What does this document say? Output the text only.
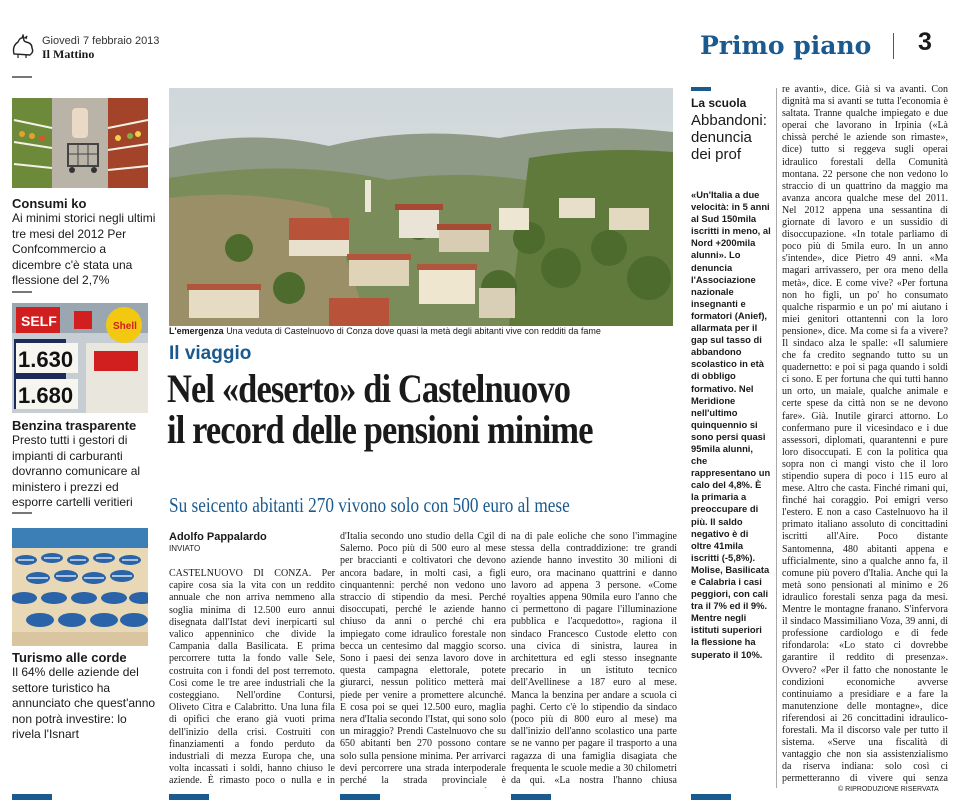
Giovedì 7 febbraio 2013
Il Mattino	Primo piano 3
Consumi ko
Ai minimi storici negli ultimi tre mesi del 2012 Per Confcommercio a dicembre c'è stata una flessione del 2,7%
SELF	Shell
1.630
1.680
Benzina trasparente
Presto tutti i gestori di impianti di carburanti dovranno comunicare al ministero i prezzi ed esporre cartelli veritieri
Turismo alle corde
Il 64% delle aziende del settore turistico ha annunciato che quest'anno non potrà investire: lo rivela l'Isnart
L'emergenza Una veduta di Castelnuovo di Conza dove quasi la metà degli abitanti vive con redditi da fame
Il viaggio
Nel «deserto» di Castelnuovo
il record delle pensioni minime
Su seicento abitanti 270 vivono solo con 500 euro al mese
Adolfo Pappalardo
INVIATO
CASTELNUOVO DI CONZA. Per capire cosa sia la vita con un reddito annuale che non arriva nemmeno alla soglia minima di 12.500 euro annui disegnata dall'Istat devi inerpicarti sul valico appenninico che divide la Campania dalla Basilicata. E prima percorrere tutta la fondo valle Sele, costruita con i fondi del post terremoto. Così come le tre aree industriali che la costeggiano. Nell'ordine Contursi, Oliveto Citra e Calabritto. Una luna fila di opifici che erano già vuoti prima dell'inizio della crisi. Costruiti con finanziamenti a fondo perduto da industriali di mezza Europa che, una volta incassati i soldi, hanno chiuso le aziende. È rimasto poco o nulla e in
d'Italia secondo uno studio della Cgil di Salerno. Poco più di 500 euro al mese per braccianti e coltivatori che devono ancora badare, in molti casi, a figli cinquantenni: perché non vedono uno straccio di stipendio da mesi. Perché disoccupati, perché le aziende hanno chiuso da anni o perché chi era impiegato come idraulico forestale non becca un centesimo dal maggio scorso. Sono i paesi dei senza lavoro dove in questa campagna elettorale, potete giurarci, nessun politico metterà mai piede per venire a promettere alcunché. E cosa poi se quei 12.500 euro, maglia nera d'Italia secondo l'Istat, qui sono solo un miraggio? Prendi Castelnuovo che su 650 abitanti ben 270 possono contare solo sulla pensione minima. Per arrivarci devi percorrere una strada interpoderale perché la strada provinciale è
na di pale eoliche che sono l'immagine stessa della contraddizione: tre grandi aziende hanno investito 30 milioni di euro, ora macinano quattrini e danno lavoro ad appena 3 persone. «Come royalties appena 90mila euro l'anno che ci permettono di pagare l'illuminazione pubblica e l'acquedotto», ragiona il sindaco Francesco Custode eletto con una civica di sinistra, laurea in architettura ed egli stesso insegnante precario in un istituto tecnico dell'Avellinese a 187 euro al mese. Manca la benzina per andare a scuola ci paghi. Certo c'è lo stipendio da sindaco (poco più di 800 euro al mese) ma dall'inizio dell'anno scolastico una parte se ne vanno per pagare il trasporto a una ragazza di una famiglia disagiata che frequenta le scuole medie a 30 chilometri da qui. «La nostra l'hanno chiusa
La scuola
Abbandoni: denuncia dei prof
«Un'Italia a due velocità: in 5 anni al Sud 150mila iscritti in meno, al Nord +200mila alunni». Lo denuncia l'Associazione nazionale insegnanti e formatori (Anief), allarmata per il gap sul tasso di abbandono scolastico in età di obbligo formativo. Nel Meridione nell'ultimo quinquennio si sono persi quasi 95mila alunni, che rappresentano un calo del 4,8%. È la primaria a preoccupare di più. Il saldo negativo è di oltre 41mila iscritti (-5,8%). Molise, Basilicata e Calabria i casi peggiori, con cali tra il 7% ed il 9%. Mentre negli istituti superiori la flessione ha superato il 10%.
re avanti», dice. Già si va avanti. Con dignità ma si avanti se tutta l'economia è saltata. Tranne qualche impiegato e due operai che lavorano in Irpinia («Là chissà perché le aziende son rimaste», dice) tutto si reggeva sugli operai idraulico forestali della Comunità montana. 22 persone che non vedono lo straccio di un quattrino da maggio ma avanza ancora qualche mese del 2011. Nel 2012 appena una sessantina di giornate di lavoro e un sussidio di disoccupazione. «In totale parliamo di poco più di 5mila euro. In un anno s'intende», dice Pietro 49 anni. «Ma magari arrivassero, per ora meno della metà», dice. E come vive? «Per fortuna non ho figli, un po' ho consumato qualche risparmio e un po' mi aiutano i miei genitori ottantenni con la loro pensione», dice. Ma come si fa a vivere? Il sindaco alza le spalle: «Il salumiere che fa credito segnando tutto su un quadernetto: e poi si paga quando i soldi ci sono. E per fortuna che qui tutti hanno un orto, un maiale, qualche animale e certe spese da città non se ne devono fare». Già. Inutile girarci attorno. Lo confermano pure il vicesindaco e i due assessori, diplomati, quarantenni e pure loro disoccupati. E con la politica qua sopra non ci mangi visto che il loro stipendio supera di poco i 115 euro al mese. Altro che casta. Finché rimani qui, finché hai coraggio. Poi emigri verso l'estero. E non a caso Castelnuovo ha il primato italiano assoluto di concittadini iscritti all'Aire. Poco distante Santomenna, 480 abitanti appena e ufficialmente, sino a qualche anno fa, il comune più povero d'Italia. Anche qui la metà sono pensionati al minimo e 26 idraulico forestali senza paga da mesi. Mentre le montagne franano. S'infervora il sindaco Massimiliano Voza, 39 anni, di professione cardiologo e di fede rifondarola: «Lo stato ci dovrebbe garantire il reddito di presenza». Ovvero? «Per il fatto che nonostante le condizioni economiche avverse continuiamo a presidiare e a fare la manutenzione delle montagne», dice riferendosi ai 26 concittadini idraulico-forestali. Ma il discorso vale per tutto il sistema. «Serve una fiscalità di vantaggio che non sia assistenzialismo da riserva indiana: solo così ci permetteranno di vivere qui senza
© RIPRODUZIONE RISERVATA
